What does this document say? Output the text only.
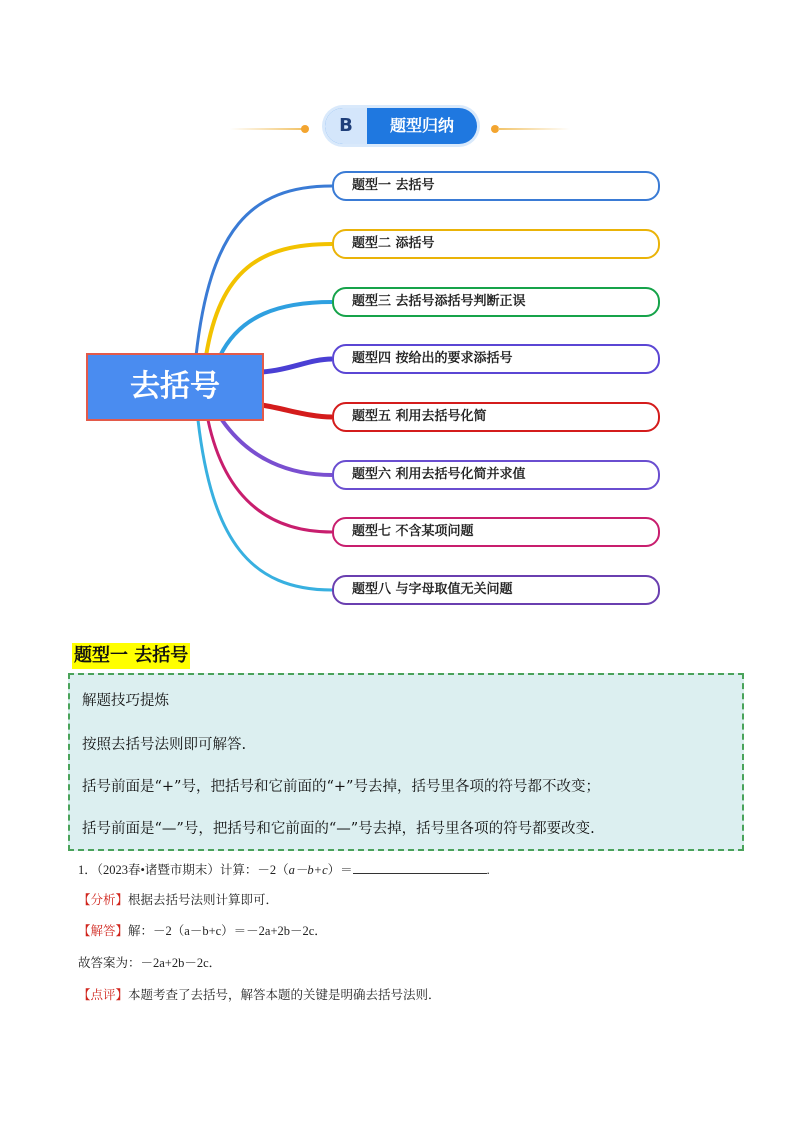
B	题型归纳
去括号
题型一 去括号
题型二 添括号
题型三 去括号添括号判断正误
题型四 按给出的要求添括号
题型五 利用去括号化简
题型六 利用去括号化简并求值
题型七 不含某项问题
题型八 与字母取值无关问题
题型一 去括号
解题技巧提炼
按照去括号法则即可解答.
括号前面是“+”号，把括号和它前面的“+”号去掉，括号里各项的符号都不改变；
括号前面是“—”号，把括号和它前面的“—”号去掉，括号里各项的符号都要改变.
1．（2023春•诸暨市期末）计算：－2（a－b+c）＝	.
【分析】根据去括号法则计算即可．
【解答】解：－2（a－b+c）＝－2a+2b－2c．
故答案为：－2a+2b－2c．
【点评】本题考查了去括号，解答本题的关键是明确去括号法则．
